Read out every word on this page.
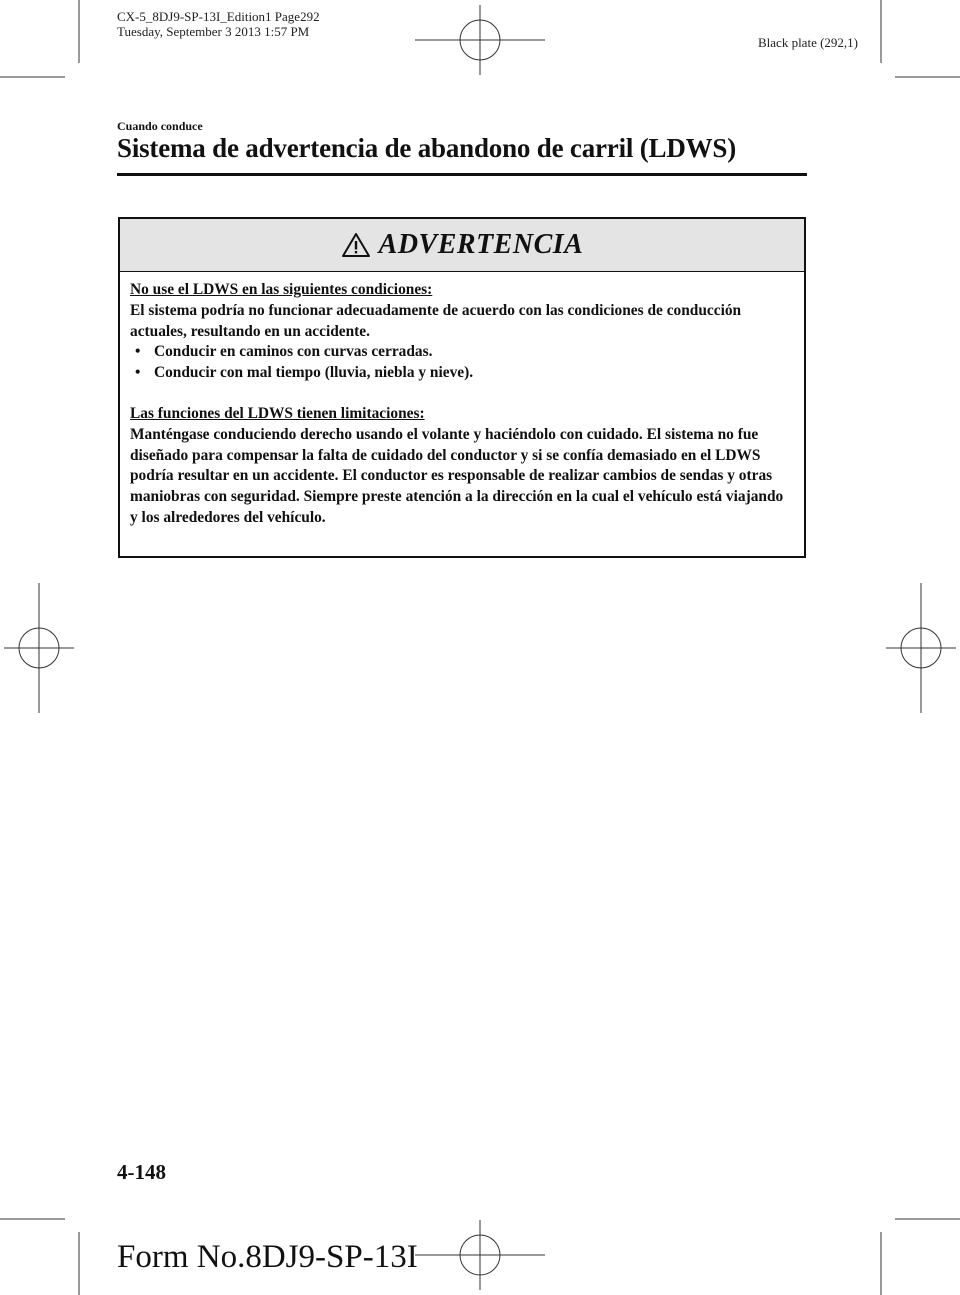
CX-5_8DJ9-SP-13I_Edition1 Page292
Tuesday, September 3 2013 1:57 PM
Black plate (292,1)
Cuando conduce
Sistema de advertencia de abandono de carril (LDWS)
ADVERTENCIA

No use el LDWS en las siguientes condiciones:

El sistema podría no funcionar adecuadamente de acuerdo con las condiciones de conducción actuales, resultando en un accidente.

• Conducir en caminos con curvas cerradas.
• Conducir con mal tiempo (lluvia, niebla y nieve).

Las funciones del LDWS tienen limitaciones:

Manténgase conduciendo derecho usando el volante y haciéndolo con cuidado. El sistema no fue diseñado para compensar la falta de cuidado del conductor y si se confía demasiado en el LDWS podría resultar en un accidente. El conductor es responsable de realizar cambios de sendas y otras maniobras con seguridad. Siempre preste atención a la dirección en la cual el vehículo está viajando y los alrededores del vehículo.

4-148
Form No.8DJ9-SP-13I
